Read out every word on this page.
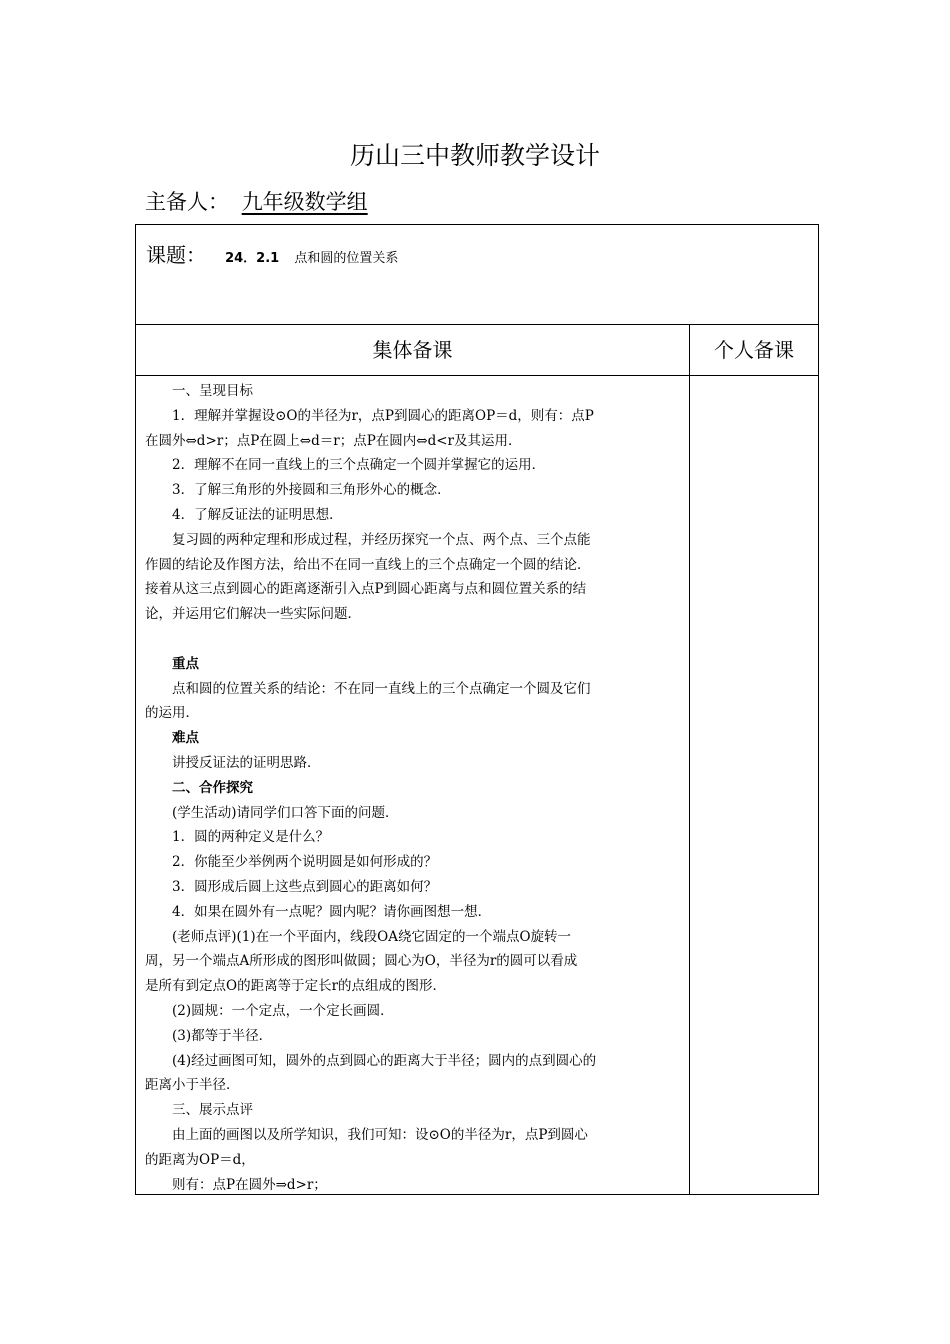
历山三中教师教学设计
主备人： 九年级数学组
课题： 24．2.1 点和圆的位置关系
集体备课	个人备课

一、呈现目标

1．理解并掌握设⊙O的半径为r，点P到圆心的距离OP＝d，则有：点P

在圆外⇔d>r；点P在圆上⇔d＝r；点P在圆内⇔d<r及其运用．

2．理解不在同一直线上的三个点确定一个圆并掌握它的运用．

3．了解三角形的外接圆和三角形外心的概念．

4．了解反证法的证明思想．

复习圆的两种定理和形成过程，并经历探究一个点、两个点、三个点能

作圆的结论及作图方法，给出不在同一直线上的三个点确定一个圆的结论．

接着从这三点到圆心的距离逐渐引入点P到圆心距离与点和圆位置关系的结

论，并运用它们解决一些实际问题．

重点

点和圆的位置关系的结论：不在同一直线上的三个点确定一个圆及它们

的运用．

难点

讲授反证法的证明思路．

二、合作探究

(学生活动)请同学们口答下面的问题．

1．圆的两种定义是什么？

2．你能至少举例两个说明圆是如何形成的？

3．圆形成后圆上这些点到圆心的距离如何？

4．如果在圆外有一点呢？圆内呢？请你画图想一想．

(老师点评)(1)在一个平面内，线段OA绕它固定的一个端点O旋转一

周，另一个端点A所形成的图形叫做圆；圆心为O，半径为r的圆可以看成

是所有到定点O的距离等于定长r的点组成的图形．

(2)圆规：一个定点，一个定长画圆．

(3)都等于半径．

(4)经过画图可知，圆外的点到圆心的距离大于半径；圆内的点到圆心的

距离小于半径．

三、展示点评

由上面的画图以及所学知识，我们可知：设⊙O的半径为r，点P到圆心

的距离为OP＝d，

则有：点P在圆外⇒d>r；
